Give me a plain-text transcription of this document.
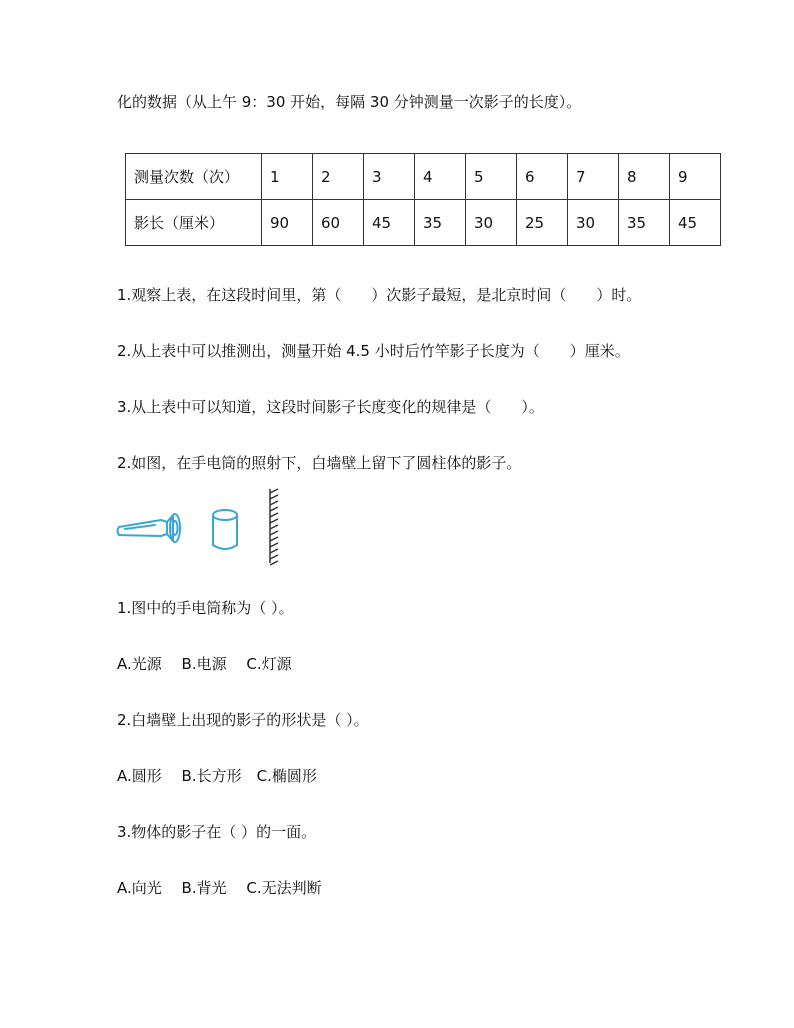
化的数据（从上午 9：30 开始，每隔 30 分钟测量一次影子的长度）。
测量次数（次）	1	2	3	4	5	6	7	8	9
影长（厘米）	90	60	45	35	30	25	30	35	45
1.观察上表，在这段时间里，第（　　）次影子最短，是北京时间（　　）时。
2.从上表中可以推测出，测量开始 4.5 小时后竹竿影子长度为（　　）厘米。
3.从上表中可以知道，这段时间影子长度变化的规律是（　　）。
2.如图，在手电筒的照射下，白墙壁上留下了圆柱体的影子。
1.图中的手电筒称为（ ）。
A.光源　 B.电源　 C.灯源
2.白墙壁上出现的影子的形状是（ ）。
A.圆形　 B.长方形　C.椭圆形
3.物体的影子在（ ）的一面。
A.向光　 B.背光　 C.无法判断
